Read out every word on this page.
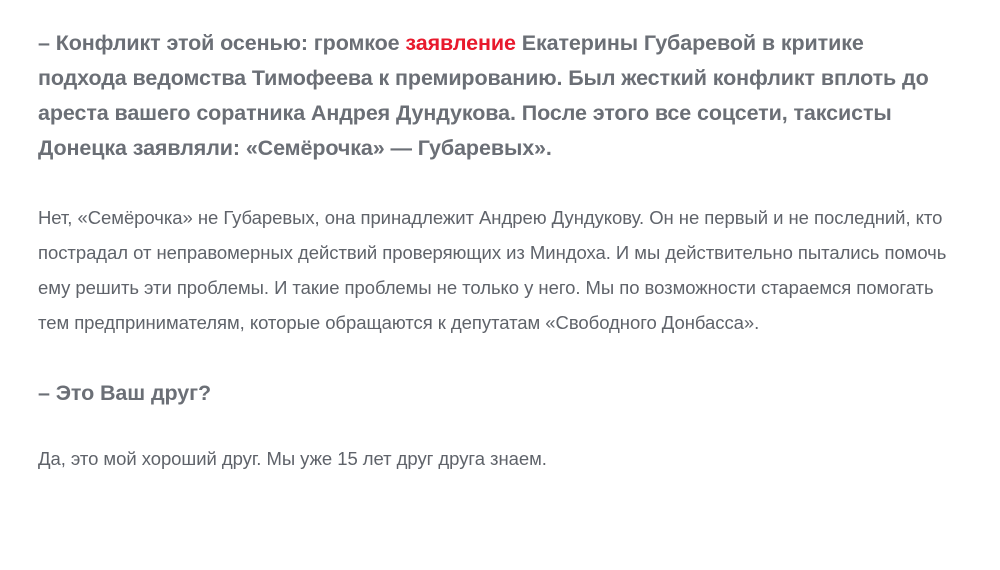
– Конфликт этой осенью: громкое заявление Екатерины Губаревой в критике подхода ведомства Тимофеева к премированию. Был жесткий конфликт вплоть до ареста вашего соратника Андрея Дундукова. После этого все соцсети, таксисты Донецка заявляли: «Семёрочка» — Губаревых».

Нет, «Семёрочка» не Губаревых, она принадлежит Андрею Дундукову. Он не первый и не последний, кто пострадал от неправомерных действий проверяющих из Миндоха. И мы действительно пытались помочь ему решить эти проблемы. И такие проблемы не только у него. Мы по возможности стараемся помогать тем предпринимателям, которые обращаются к депутатам «Свободного Донбасса».

– Это Ваш друг?

Да, это мой хороший друг. Мы уже 15 лет друг друга знаем.
